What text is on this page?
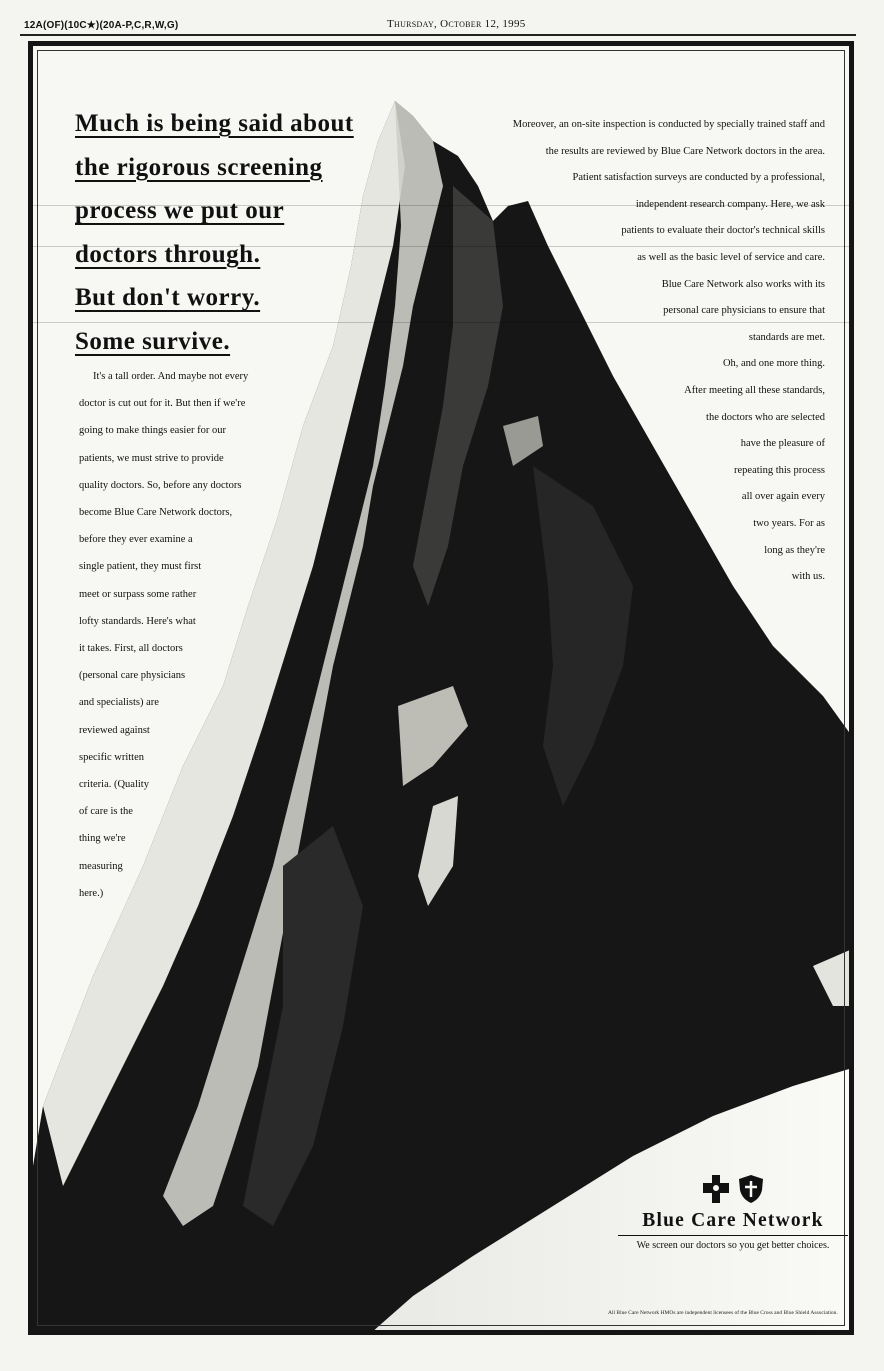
12A(OF)(10C★)(20A-P,C,R,W,G)	Thursday, October 12, 1995
Much is being said about
the rigorous screening
process we put our
doctors through.
But don't worry.
Some survive.
It's a tall order. And maybe not every
doctor is cut out for it. But then if we're
going to make things easier for our
patients, we must strive to provide
quality doctors. So, before any doctors
become Blue Care Network doctors,
before they ever examine a
single patient, they must first
meet or surpass some rather
lofty standards. Here's what
it takes. First, all doctors
(personal care physicians
and specialists) are
reviewed against
specific written
criteria. (Quality
of care is the
thing we're
measuring
here.)
Moreover, an on-site inspection is conducted by specially trained staff and
the results are reviewed by Blue Care Network doctors in the area.
Patient satisfaction surveys are conducted by a professional,
independent research company. Here, we ask
patients to evaluate their doctor's technical skills
as well as the basic level of service and care.
Blue Care Network also works with its
personal care physicians to ensure that
standards are met.
Oh, and one more thing.
After meeting all these standards,
the doctors who are selected
have the pleasure of
repeating this process
all over again every
two years. For as
long as they're
with us.
Blue Care Network
We screen our doctors so you get better choices.
All Blue Care Network HMOs are independent licensees of the Blue Cross and Blue Shield Association.
